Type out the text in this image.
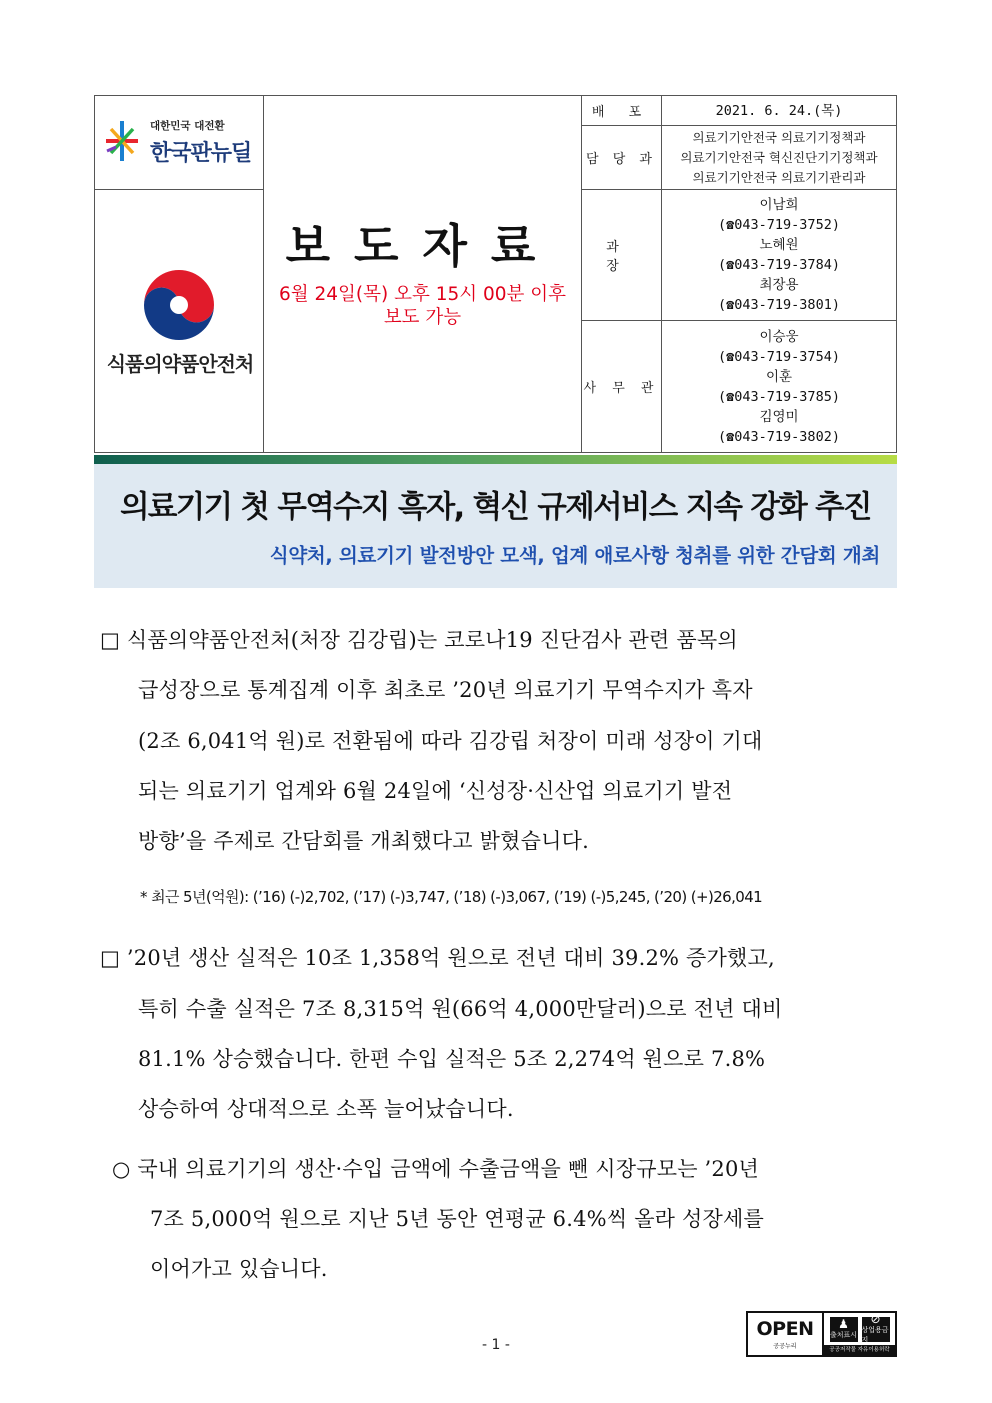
대한민국 대전환
한국판뉴딜
식품의약품안전처
보도자료
6월 24일(목) 오후 15시 00분 이후
보도 가능
배 포	2021. 6. 24.(목)
담 당 과
의료기기안전국 의료기기정책과
의료기기안전국 혁신진단기기정책과
의료기기안전국 의료기기관리과
과 장
이남희
(☎043-719-3752)
노혜원
(☎043-719-3784)
최장용
(☎043-719-3801)
사 무 관
이승웅
(☎043-719-3754)
이훈
(☎043-719-3785)
김영미
(☎043-719-3802)
의료기기 첫 무역수지 흑자, 혁신 규제서비스 지속 강화 추진
식약처, 의료기기 발전방안 모색, 업계 애로사항 청취를 위한 간담회 개최
□ 식품의약품안전처(처장 김강립)는 코로나19 진단검사 관련 품목의
급성장으로 통계집계 이후 최초로 ’20년 의료기기 무역수지가 흑자
(2조 6,041억 원)로 전환됨에 따라 김강립 처장이 미래 성장이 기대
되는 의료기기 업계와 6월 24일에 ‘신성장·신산업 의료기기 발전
방향’을 주제로 간담회를 개최했다고 밝혔습니다.
* 최근 5년(억원): (’16) (-)2,702, (’17) (-)3,747, (’18) (-)3,067, (’19) (-)5,245, (’20) (+)26,041
□ ’20년 생산 실적은 10조 1,358억 원으로 전년 대비 39.2% 증가했고,
특히 수출 실적은 7조 8,315억 원(66억 4,000만달러)으로 전년 대비
81.1% 상승했습니다. 한편 수입 실적은 5조 2,274억 원으로 7.8%
상승하여 상대적으로 소폭 늘어났습니다.
○ 국내 의료기기의 생산·수입 금액에 수출금액을 뺀 시장규모는 ’20년
7조 5,000억 원으로 지난 5년 동안 연평균 6.4%씩 올라 성장세를
이어가고 있습니다.
- 1 -
OPEN
공공누리
♟
출처표시
⊘
상업용금지
공공저작물 자유이용허락
